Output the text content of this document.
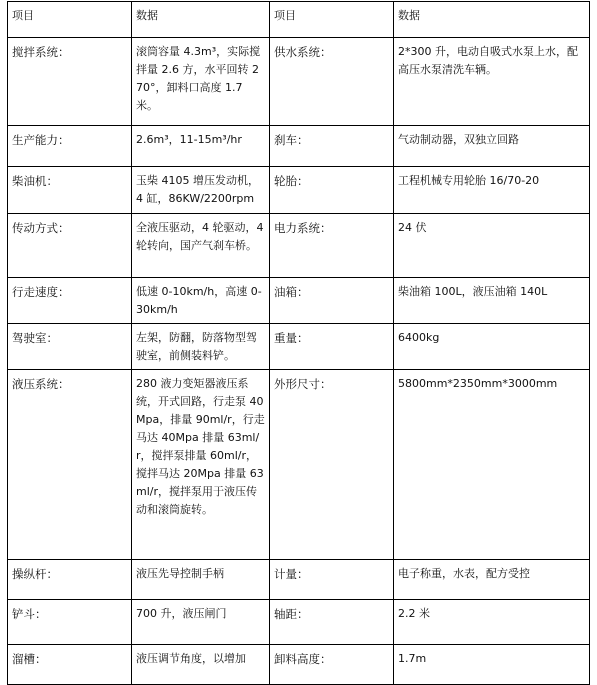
项目	数据	项目	数据
搅拌系统：	滚筒容量 4.3m³，实际搅拌量 2.6 方，水平回转 270°，卸料口高度 1.7 米。	供水系统：	2*300 升，电动自吸式水泵上水，配高压水泵清洗车辆。
生产能力：	2.6m³，11-15m³/hr	刹车：	气动制动器，双独立回路
柴油机：	玉柴 4105 增压发动机，4 缸，86KW/2200rpm	轮胎：	工程机械专用轮胎 16/70-20
传动方式：	全液压驱动，4 轮驱动，4 轮转向，国产气刹车桥。	电力系统：	24 伏
行走速度：	低速 0-10km/h，高速 0-30km/h	油箱：	柴油箱 100L，液压油箱 140L
驾驶室：	左架，防翻，防落物型驾驶室，前侧装料铲。	重量：	6400kg
液压系统：	280 液力变矩器液压系统，开式回路，行走泵 40Mpa，排量 90ml/r，行走马达 40Mpa 排量 63ml/r，搅拌泵排量 60ml/r，搅拌马达 20Mpa 排量 63ml/r，搅拌泵用于液压传动和滚筒旋转。	外形尺寸：	5800mm*2350mm*3000mm
操纵杆：	液压先导控制手柄	计量：	电子称重，水表，配方受控
铲斗：	700 升，液压闸门	轴距：	2.2 米
溜槽：	液压调节角度，以增加	卸料高度：	1.7m
